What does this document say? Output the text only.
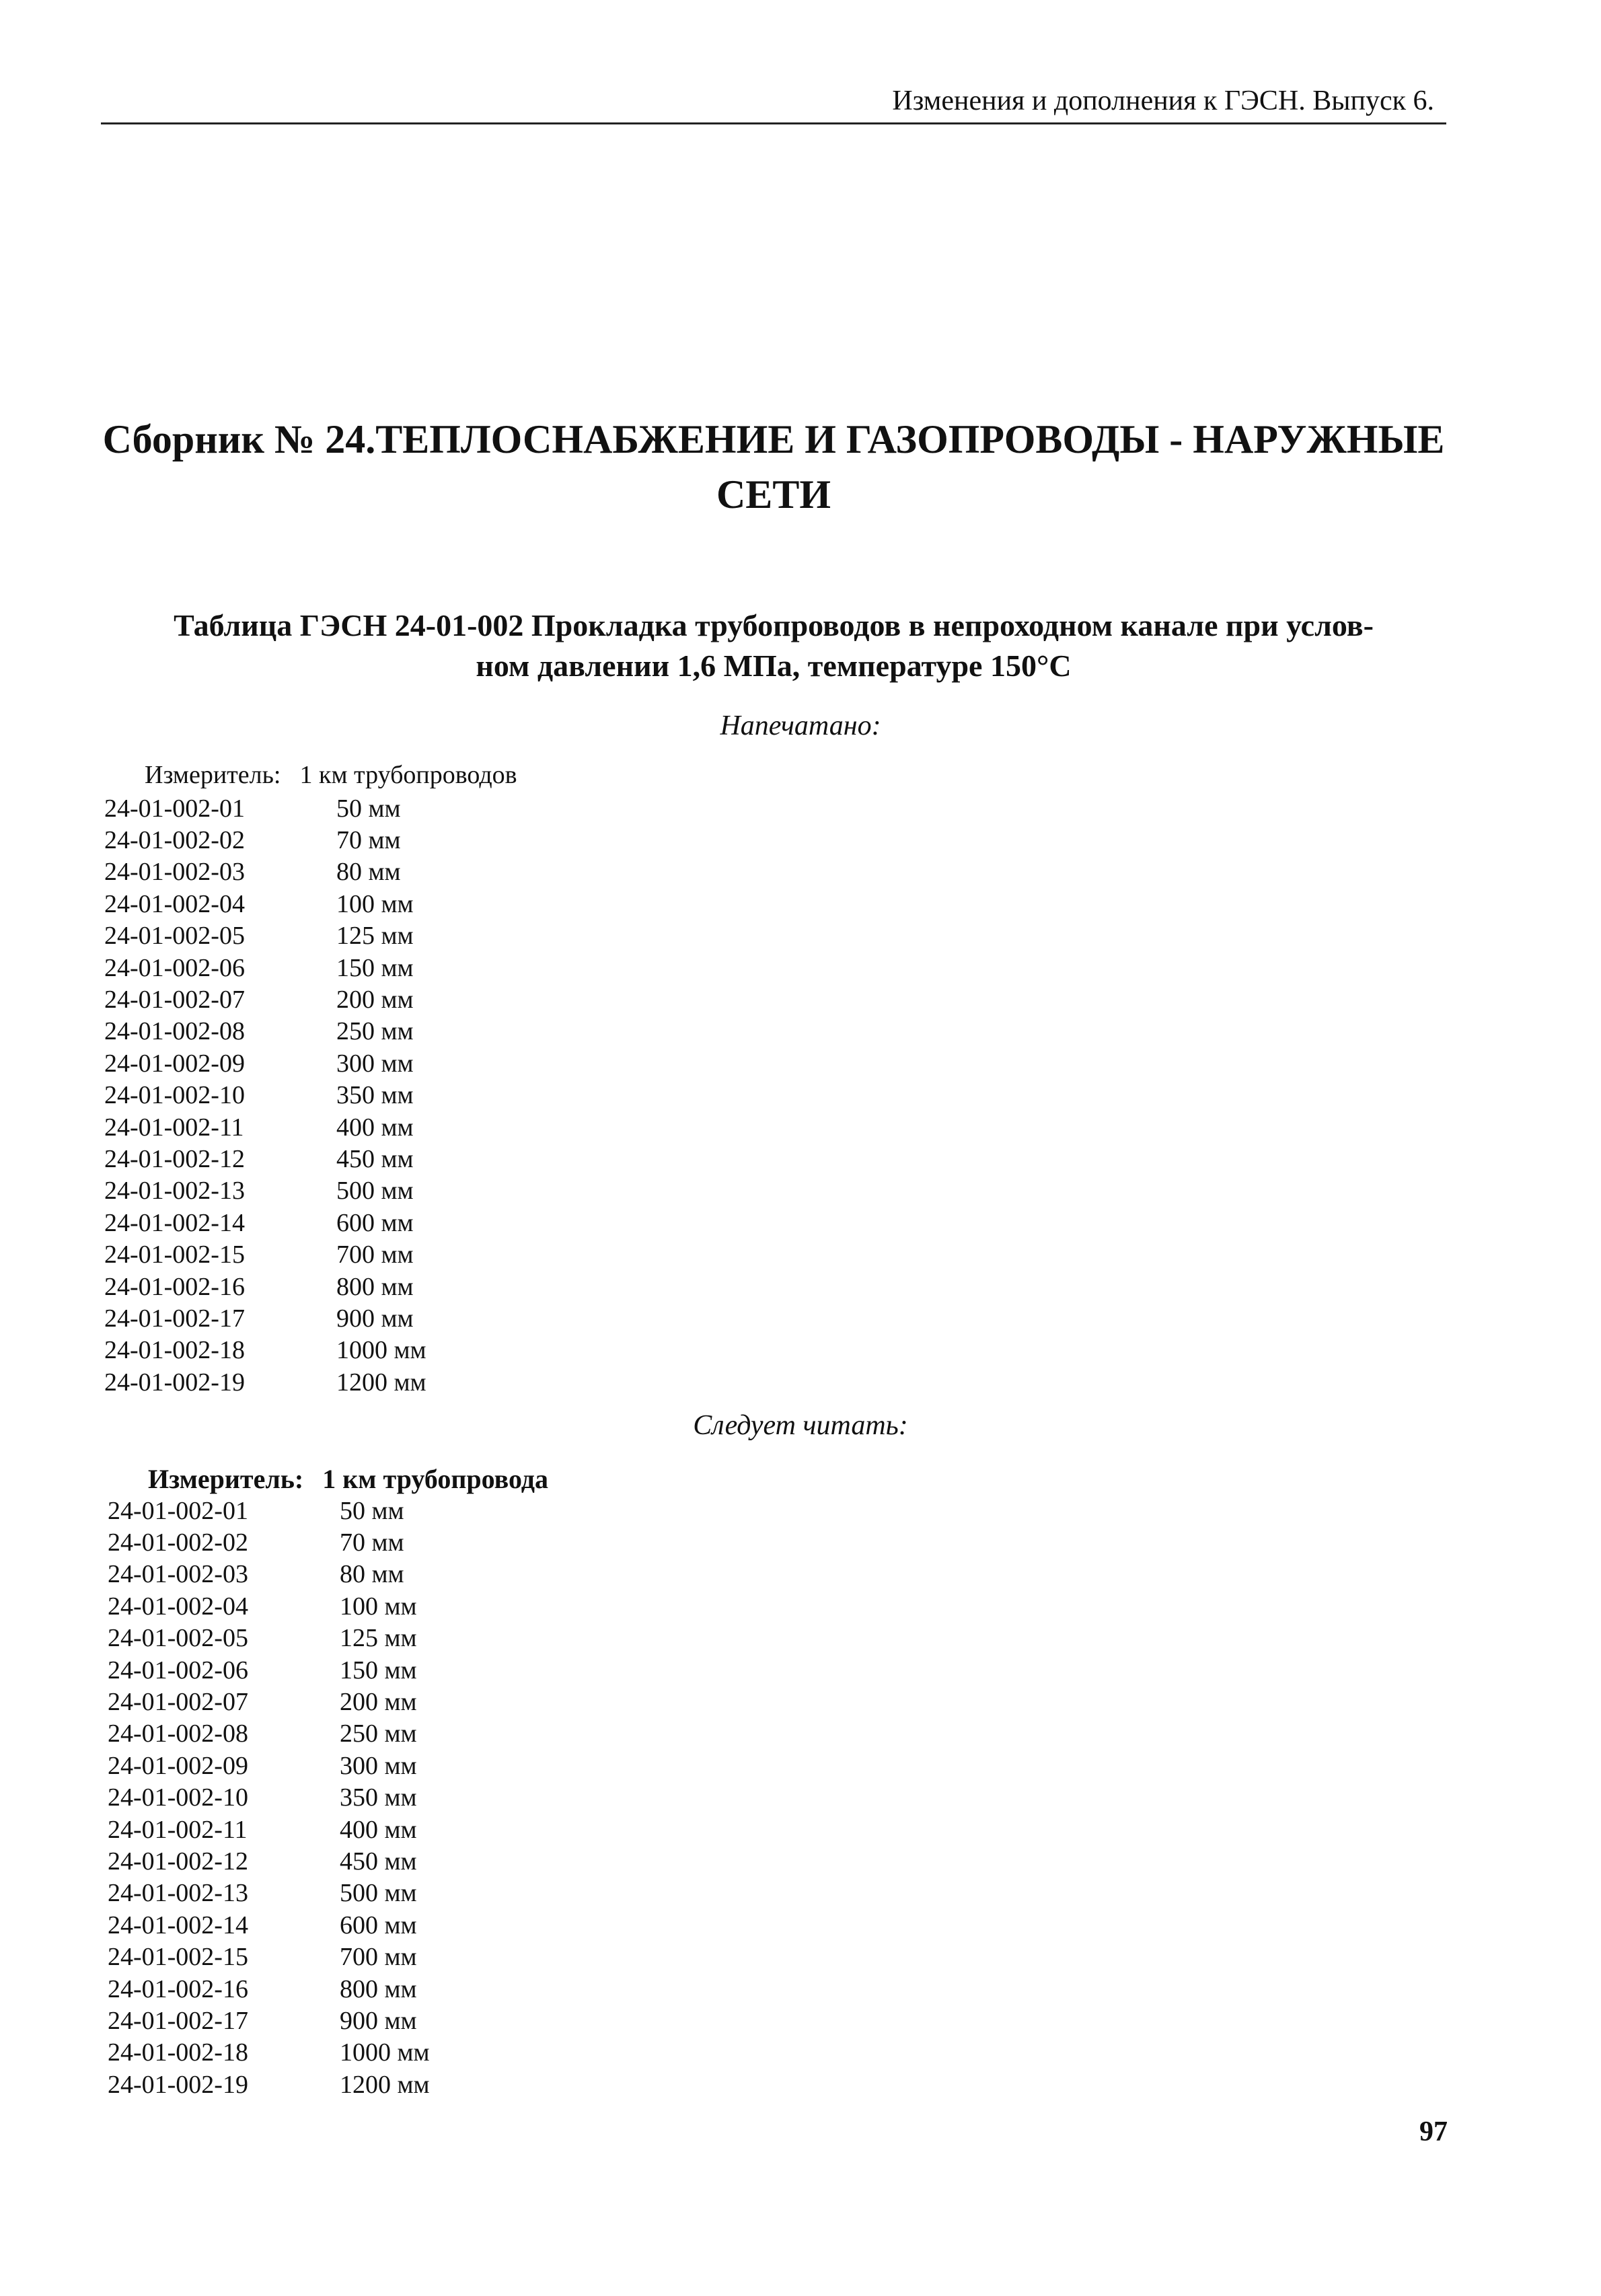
Изменения и дополнения к ГЭСН. Выпуск 6.
Сборник № 24.ТЕПЛОСНАБЖЕНИЕ И ГАЗОПРОВОДЫ - НАРУЖНЫЕ
СЕТИ
Таблица ГЭСН 24-01-002 Прокладка трубопроводов в непроходном канале при услов-
ном давлении 1,6 МПа, температуре 150°С
Напечатано:
Измеритель: 1 км трубопроводов
24-01-002-01	50 мм
24-01-002-02	70 мм
24-01-002-03	80 мм
24-01-002-04	100 мм
24-01-002-05	125 мм
24-01-002-06	150 мм
24-01-002-07	200 мм
24-01-002-08	250 мм
24-01-002-09	300 мм
24-01-002-10	350 мм
24-01-002-11	400 мм
24-01-002-12	450 мм
24-01-002-13	500 мм
24-01-002-14	600 мм
24-01-002-15	700 мм
24-01-002-16	800 мм
24-01-002-17	900 мм
24-01-002-18	1000 мм
24-01-002-19	1200 мм
Следует читать:
Измеритель: 1 км трубопровода
24-01-002-01	50 мм
24-01-002-02	70 мм
24-01-002-03	80 мм
24-01-002-04	100 мм
24-01-002-05	125 мм
24-01-002-06	150 мм
24-01-002-07	200 мм
24-01-002-08	250 мм
24-01-002-09	300 мм
24-01-002-10	350 мм
24-01-002-11	400 мм
24-01-002-12	450 мм
24-01-002-13	500 мм
24-01-002-14	600 мм
24-01-002-15	700 мм
24-01-002-16	800 мм
24-01-002-17	900 мм
24-01-002-18	1000 мм
24-01-002-19	1200 мм
97
